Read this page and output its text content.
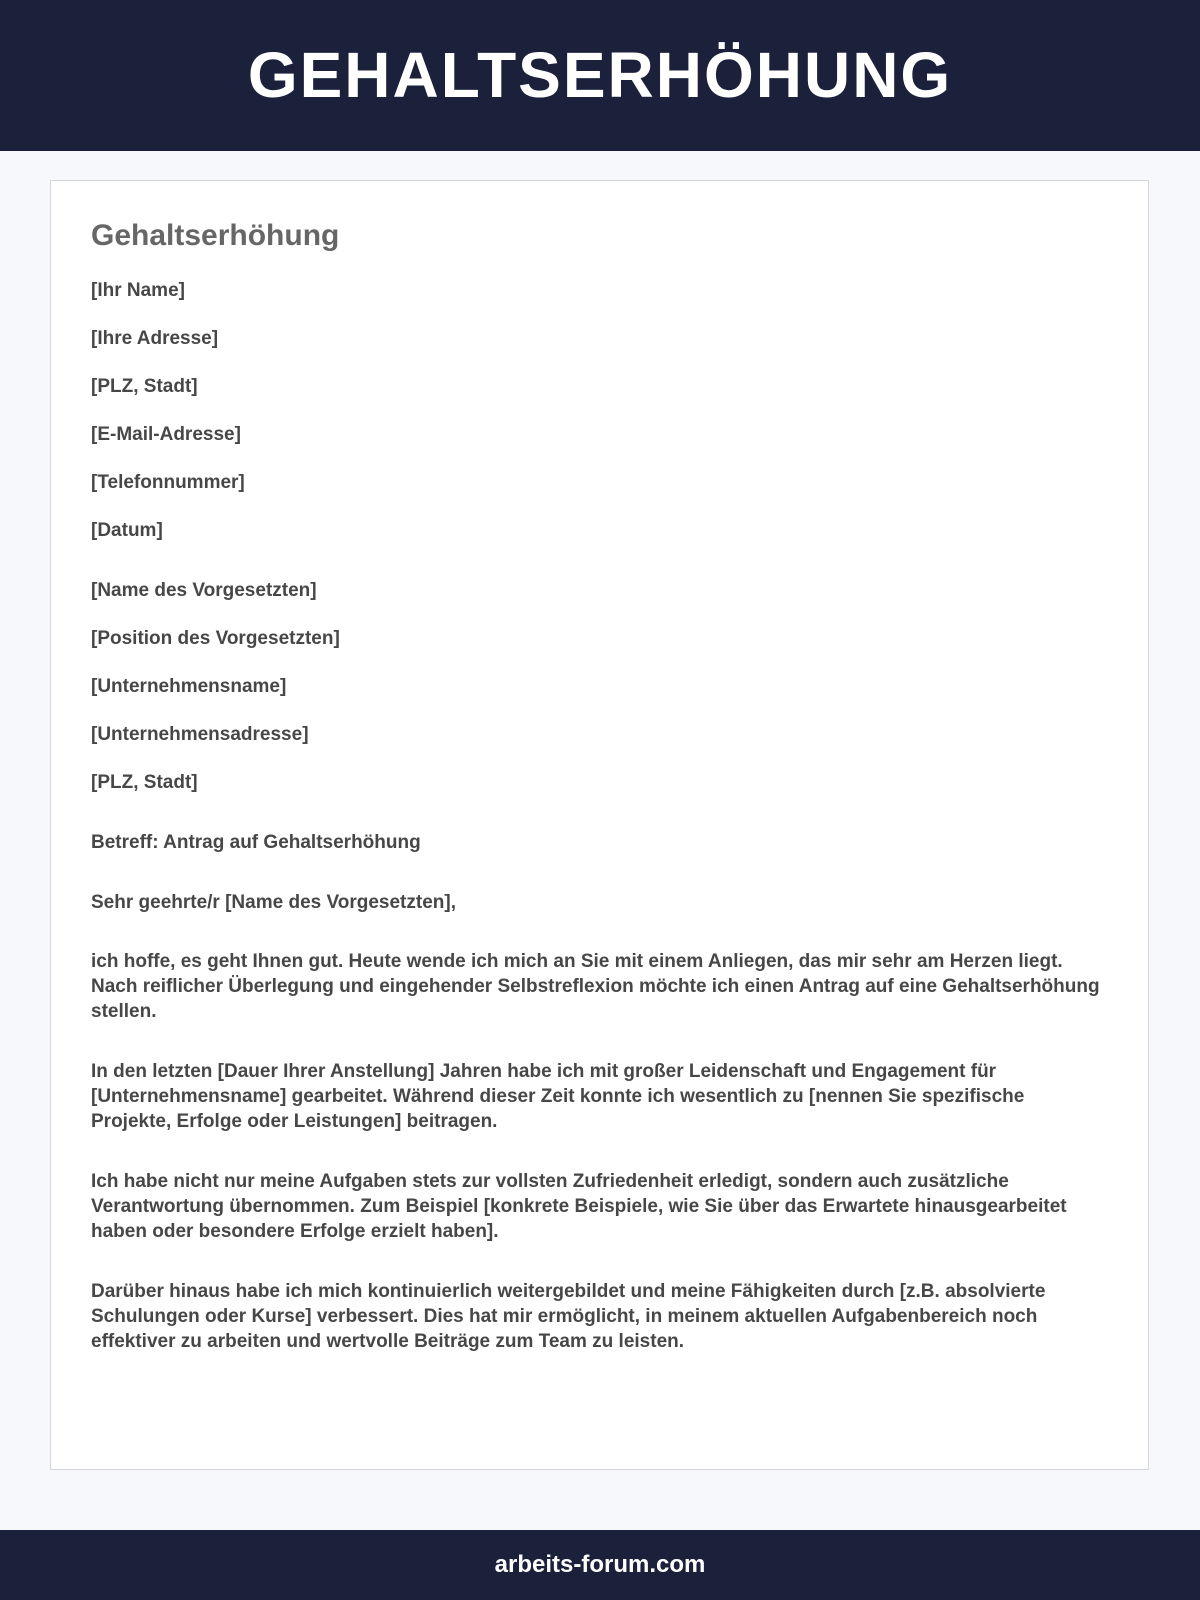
GEHALTSERHÖHUNG
Gehaltserhöhung

[Ihr Name]

[Ihre Adresse]

[PLZ, Stadt]

[E-Mail-Adresse]

[Telefonnummer]

[Datum]

[Name des Vorgesetzten]

[Position des Vorgesetzten]

[Unternehmensname]

[Unternehmensadresse]

[PLZ, Stadt]

Betreff: Antrag auf Gehaltserhöhung

Sehr geehrte/r [Name des Vorgesetzten],

ich hoffe, es geht Ihnen gut. Heute wende ich mich an Sie mit einem Anliegen, das mir sehr am Herzen liegt. Nach reiflicher Überlegung und eingehender Selbstreflexion möchte ich einen Antrag auf eine Gehaltserhöhung stellen.

In den letzten [Dauer Ihrer Anstellung] Jahren habe ich mit großer Leidenschaft und Engagement für [Unternehmensname] gearbeitet. Während dieser Zeit konnte ich wesentlich zu [nennen Sie spezifische Projekte, Erfolge oder Leistungen] beitragen.

Ich habe nicht nur meine Aufgaben stets zur vollsten Zufriedenheit erledigt, sondern auch zusätzliche Verantwortung übernommen. Zum Beispiel [konkrete Beispiele, wie Sie über das Erwartete hinausgearbeitet haben oder besondere Erfolge erzielt haben].

Darüber hinaus habe ich mich kontinuierlich weitergebildet und meine Fähigkeiten durch [z.B. absolvierte Schulungen oder Kurse] verbessert. Dies hat mir ermöglicht, in meinem aktuellen Aufgabenbereich noch effektiver zu arbeiten und wertvolle Beiträge zum Team zu leisten.

arbeits-forum.com
